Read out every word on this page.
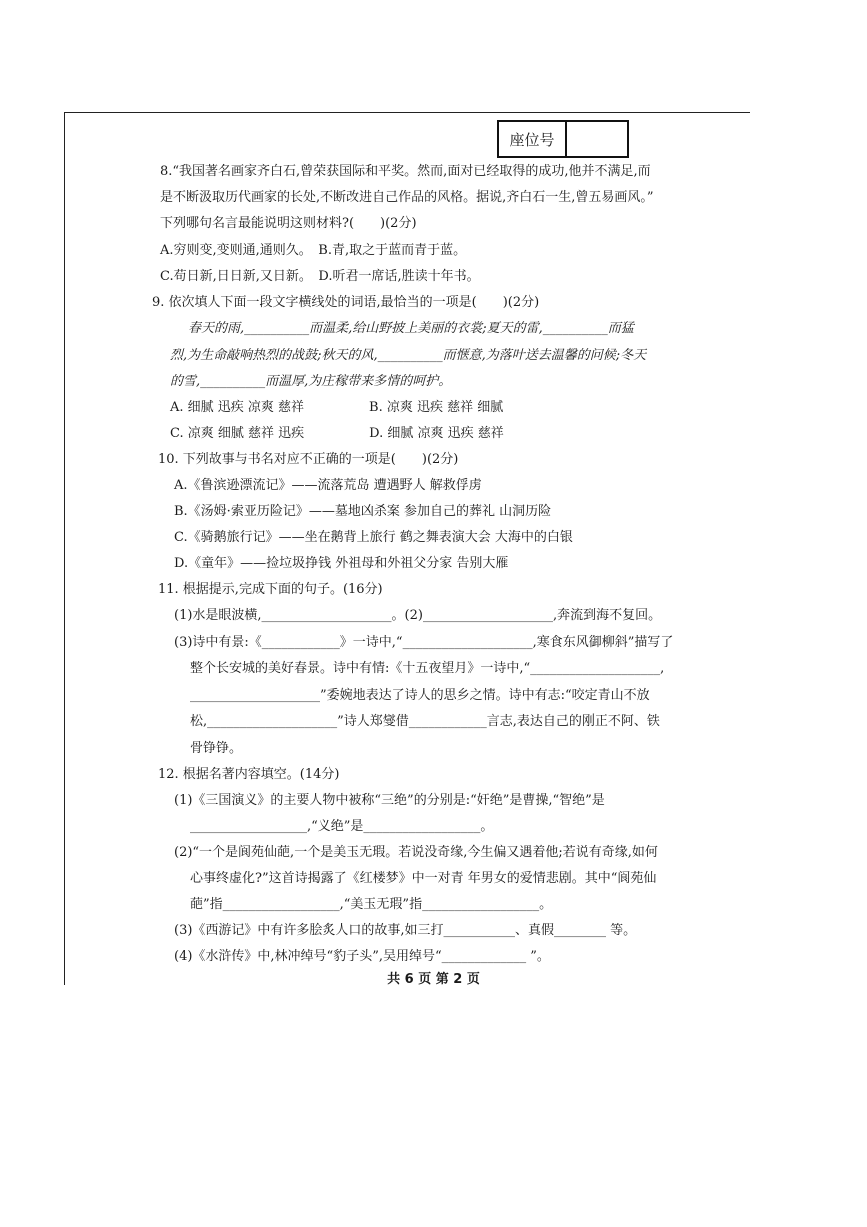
座位号
8.“我国著名画家齐白石,曾荣获国际和平奖。然而,面对已经取得的成功,他并不满足,而
是不断汲取历代画家的长处,不断改进自己作品的风格。据说,齐白石一生,曾五易画风。”
下列哪句名言最能说明这则材料?(　　)(2分)
A.穷则变,变则通,通则久。　B.青,取之于蓝而青于蓝。
C.苟日新,日日新,又日新。　D.听君一席话,胜读十年书。
9. 依次填人下面一段文字横线处的词语,最恰当的一项是(　　)(2分)
春天的雨,__________而温柔,给山野披上美丽的衣裳;夏天的雷,__________而猛
烈,为生命敲响热烈的战鼓;秋天的风,__________而惬意,为落叶送去温馨的问候;冬天
的雪,__________而温厚,为庄稼带来多情的呵护。
A. 细腻 迅疾 凉爽 慈祥　　　　　B. 凉爽 迅疾 慈祥 细腻
C. 凉爽 细腻 慈祥 迅疾　　　　　D. 细腻 凉爽 迅疾 慈祥
10. 下列故事与书名对应不正确的一项是(　　)(2分)
A.《鲁滨逊漂流记》——流落荒岛 遭遇野人 解救俘虏
B.《汤姆·索亚历险记》——墓地凶杀案 参加自己的葬礼 山洞历险
C.《骑鹅旅行记》——坐在鹅背上旅行 鹤之舞表演大会 大海中的白银
D.《童年》——捡垃圾挣钱 外祖母和外祖父分家 告别大雁
11. 根据提示,完成下面的句子。(16分)
(1)水是眼波横,____________________。(2)____________________,奔流到海不复回。
(3)诗中有景:《____________》一诗中,“____________________,寒食东风御柳斜”描写了
整个长安城的美好春景。诗中有情:《十五夜望月》一诗中,“____________________,
____________________”委婉地表达了诗人的思乡之情。诗中有志:“咬定青山不放
松,____________________”诗人郑燮借____________言志,表达自己的刚正不阿、铁
骨铮铮。
12. 根据名著内容填空。(14分)
(1)《三国演义》的主要人物中被称“三绝”的分别是:“奸绝”是曹操,“智绝”是
__________________,“义绝”是__________________。
(2)“一个是阆苑仙葩,一个是美玉无瑕。若说没奇缘,今生偏又遇着他;若说有奇缘,如何
心事终虚化?”这首诗揭露了《红楼梦》中一对青 年男女的爱情悲剧。其中“阆苑仙
葩”指__________________,“美玉无瑕”指__________________。
(3)《西游记》中有许多脍炙人口的故事,如三打___________、真假________ 等。
(4)《水浒传》中,林冲绰号“豹子头”,吴用绰号“_____________ ”。
共 6 页 第 2 页
